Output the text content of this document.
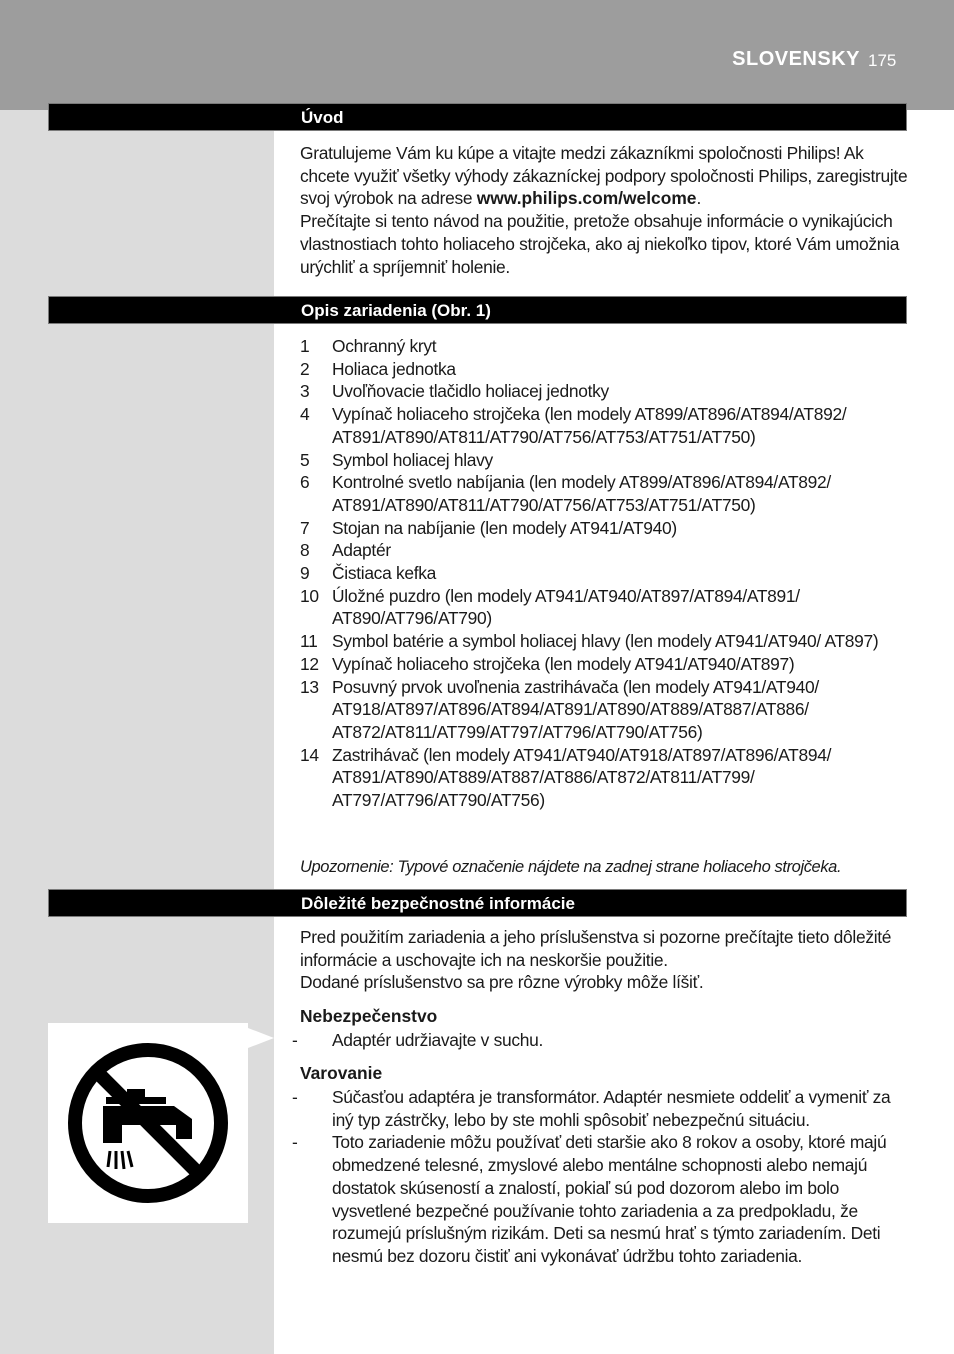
SLOVENSKY 175
Úvod

Gratulujeme Vám ku kúpe a vitajte medzi zákazníkmi spoločnosti Philips! Ak chcete využiť všetky výhody zákazníckej podpory spoločnosti Philips, zaregistrujte svoj výrobok na adrese www.philips.com/welcome.

Prečítajte si tento návod na použitie, pretože obsahuje informácie o vynikajúcich vlastnostiach tohto holiaceho strojčeka, ako aj niekoľko tipov, ktoré Vám umožnia urýchliť a spríjemniť holenie.

Opis zariadenia (Obr. 1)
1 Ochranný kryt
2 Holiaca jednotka
3 Uvoľňovacie tlačidlo holiacej jednotky
4 Vypínač holiaceho strojčeka (len modely AT899/AT896/AT894/AT892/ AT891/AT890/AT811/AT790/AT756/AT753/AT751/AT750)
5 Symbol holiacej hlavy
6 Kontrolné svetlo nabíjania (len modely AT899/AT896/AT894/AT892/ AT891/AT890/AT811/AT790/AT756/AT753/AT751/AT750)
7 Stojan na nabíjanie (len modely AT941/AT940)
8 Adaptér
9 Čistiaca kefka
10 Úložné puzdro (len modely AT941/AT940/AT897/AT894/AT891/ AT890/AT796/AT790)
11 Symbol batérie a symbol holiacej hlavy (len modely AT941/AT940/ AT897)
12 Vypínač holiaceho strojčeka (len modely AT941/AT940/AT897)
13 Posuvný prvok uvoľnenia zastrihávača (len modely AT941/AT940/ AT918/AT897/AT896/AT894/AT891/AT890/AT889/AT887/AT886/ AT872/AT811/AT799/AT797/AT796/AT790/AT756)
14 Zastrihávač (len modely AT941/AT940/AT918/AT897/AT896/AT894/ AT891/AT890/AT889/AT887/AT886/AT872/AT811/AT799/ AT797/AT796/AT790/AT756)
Upozornenie: Typové označenie nájdete na zadnej strane holiaceho strojčeka.
Dôležité bezpečnostné informácie

Pred použitím zariadenia a jeho príslušenstva si pozorne prečítajte tieto dôležité informácie a uschovajte ich na neskoršie použitie.

Dodané príslušenstvo sa pre rôzne výrobky môže líšiť.

Nebezpečenstvo
- Adaptér udržiavajte v suchu.
Varovanie
- Súčasťou adaptéra je transformátor. Adaptér nesmiete oddeliť a vymeniť za iný typ zástrčky, lebo by ste mohli spôsobiť nebezpečnú situáciu.
- Toto zariadenie môžu používať deti staršie ako 8 rokov a osoby, ktoré majú obmedzené telesné, zmyslové alebo mentálne schopnosti alebo nemajú dostatok skúseností a znalostí, pokiaľ sú pod dozorom alebo im bolo vysvetlené bezpečné používanie tohto zariadenia a za predpokladu, že rozumejú príslušným rizikám. Deti sa nesmú hrať s týmto zariadením. Deti nesmú bez dozoru čistiť ani vykonávať údržbu tohto zariadenia.
